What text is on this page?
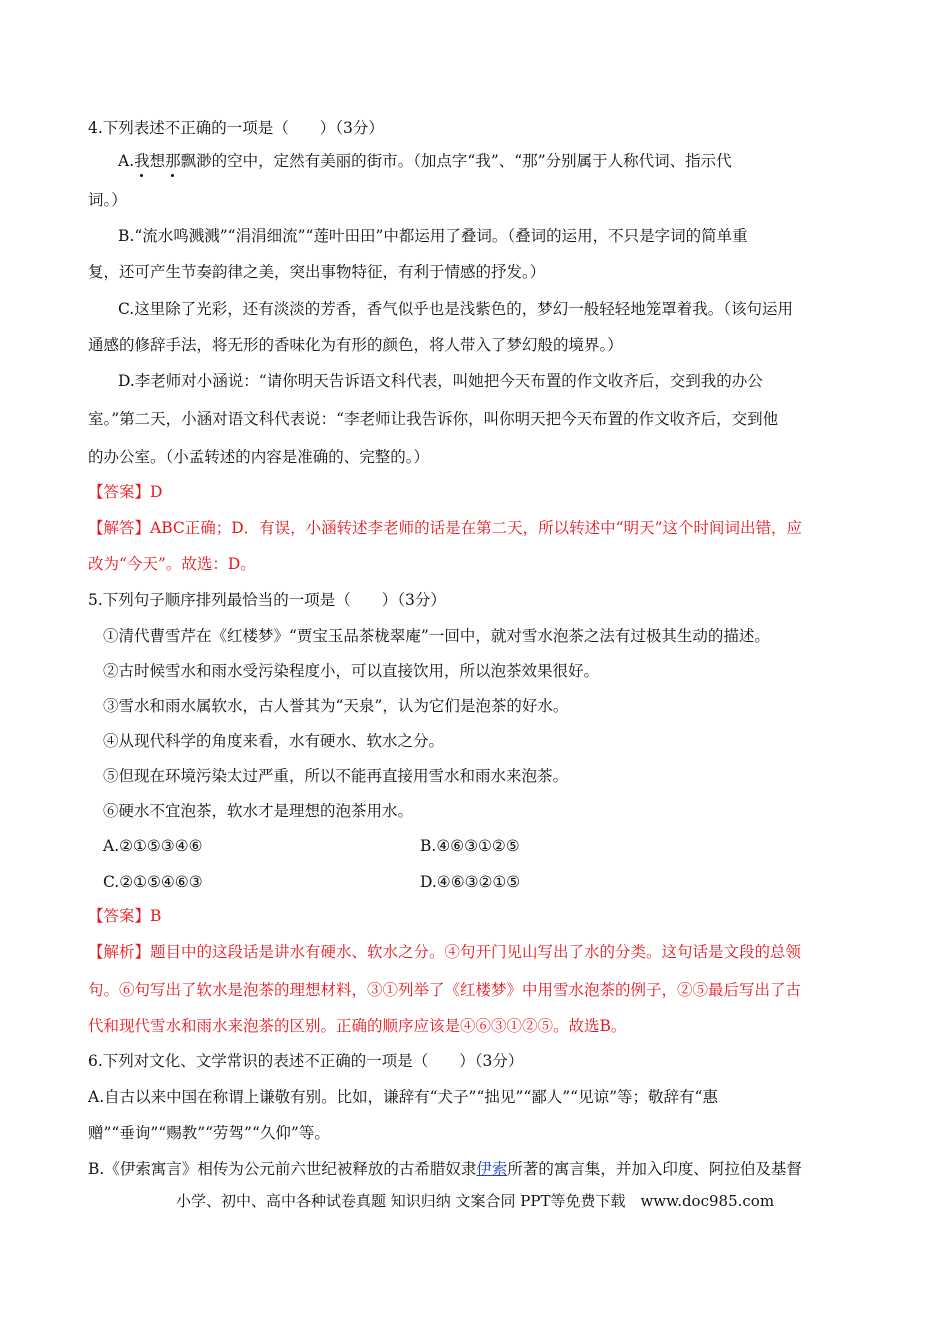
4.下列表述不正确的一项是（　　）（3分）
A.我想那飘渺的空中，定然有美丽的街市。（加点字“我”、“那”分别属于人称代词、指示代
词。）
B.“流水鸣溅溅”“涓涓细流”“莲叶田田”中都运用了叠词。（叠词的运用，不只是字词的简单重
复，还可产生节奏韵律之美，突出事物特征，有利于情感的抒发。）
C.这里除了光彩，还有淡淡的芳香，香气似乎也是浅紫色的，梦幻一般轻轻地笼罩着我。（该句运用
通感的修辞手法，将无形的香味化为有形的颜色，将人带入了梦幻般的境界。）
D.李老师对小涵说：“请你明天告诉语文科代表，叫她把今天布置的作文收齐后，交到我的办公
室。”第二天，小涵对语文科代表说：“李老师让我告诉你，叫你明天把今天布置的作文收齐后，交到他
的办公室。（小孟转述的内容是准确的、完整的。）
【答案】D
【解答】ABC正确；D．有误，小涵转述李老师的话是在第二天，所以转述中“明天”这个时间词出错，应
改为“今天”。故选：D。
5.下列句子顺序排列最恰当的一项是（　　）（3分）
①清代曹雪芹在《红楼梦》“贾宝玉品茶栊翠庵”一回中，就对雪水泡茶之法有过极其生动的描述。
②古时候雪水和雨水受污染程度小，可以直接饮用，所以泡茶效果很好。
③雪水和雨水属软水，古人誉其为“天泉”，认为它们是泡茶的好水。
④从现代科学的角度来看，水有硬水、软水之分。
⑤但现在环境污染太过严重，所以不能再直接用雪水和雨水来泡茶。
⑥硬水不宜泡茶，软水才是理想的泡茶用水。
A.②①⑤③④⑥	B.④⑥③①②⑤
C.②①⑤④⑥③	D.④⑥③②①⑤
【答案】B
【解析】题目中的这段话是讲水有硬水、软水之分。④句开门见山写出了水的分类。这句话是文段的总领
句。⑥句写出了软水是泡茶的理想材料，③①列举了《红楼梦》中用雪水泡茶的例子，②⑤最后写出了古
代和现代雪水和雨水来泡茶的区别。正确的顺序应该是④⑥③①②⑤。故选B。
6.下列对文化、文学常识的表述不正确的一项是（　　）（3分）
A.自古以来中国在称谓上谦敬有别。比如，谦辞有“犬子”“拙见”“鄙人”“见谅”等；敬辞有“惠
赠”“垂询”“赐教”“劳驾”“久仰”等。
B.《伊索寓言》相传为公元前六世纪被释放的古希腊奴隶伊索所著的寓言集，并加入印度、阿拉伯及基督
小学、初中、高中各种试卷真题 知识归纳 文案合同 PPT等免费下载　www.doc985.com
